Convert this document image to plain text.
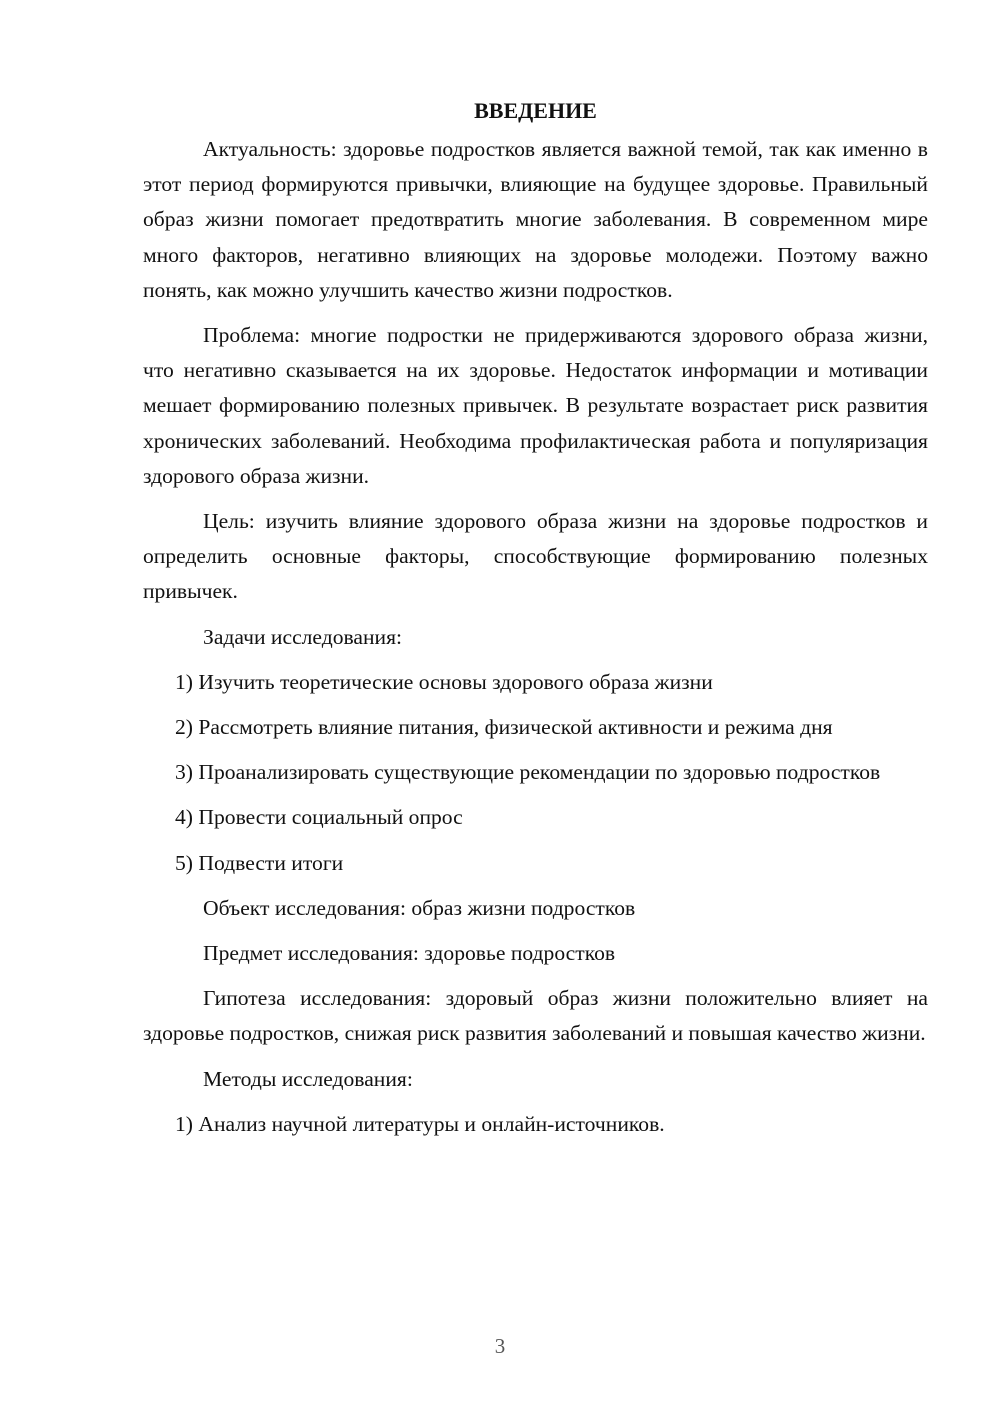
ВВЕДЕНИЕ

Актуальность: здоровье подростков является важной темой, так как именно в этот период формируются привычки, влияющие на будущее здоровье. Правильный образ жизни помогает предотвратить многие заболевания. В современном мире много факторов, негативно влияющих на здоровье молодежи. Поэтому важно понять, как можно улучшить качество жизни подростков.

Проблема: многие подростки не придерживаются здорового образа жизни, что негативно сказывается на их здоровье. Недостаток информации и мотивации мешает формированию полезных привычек. В результате возрастает риск развития хронических заболеваний. Необходима профилактическая работа и популяризация здорового образа жизни.

Цель: изучить влияние здорового образа жизни на здоровье подростков и определить основные факторы, способствующие формированию полезных привычек.

Задачи исследования:

1) Изучить теоретические основы здорового образа жизни

2) Рассмотреть влияние питания, физической активности и режима дня

3) Проанализировать существующие рекомендации по здоровью подростков

4) Провести социальный опрос

5) Подвести итоги

Объект исследования: образ жизни подростков

Предмет исследования: здоровье подростков

Гипотеза исследования: здоровый образ жизни положительно влияет на здоровье подростков, снижая риск развития заболеваний и повышая качество жизни.

Методы исследования:

1) Анализ научной литературы и онлайн-источников.

3
